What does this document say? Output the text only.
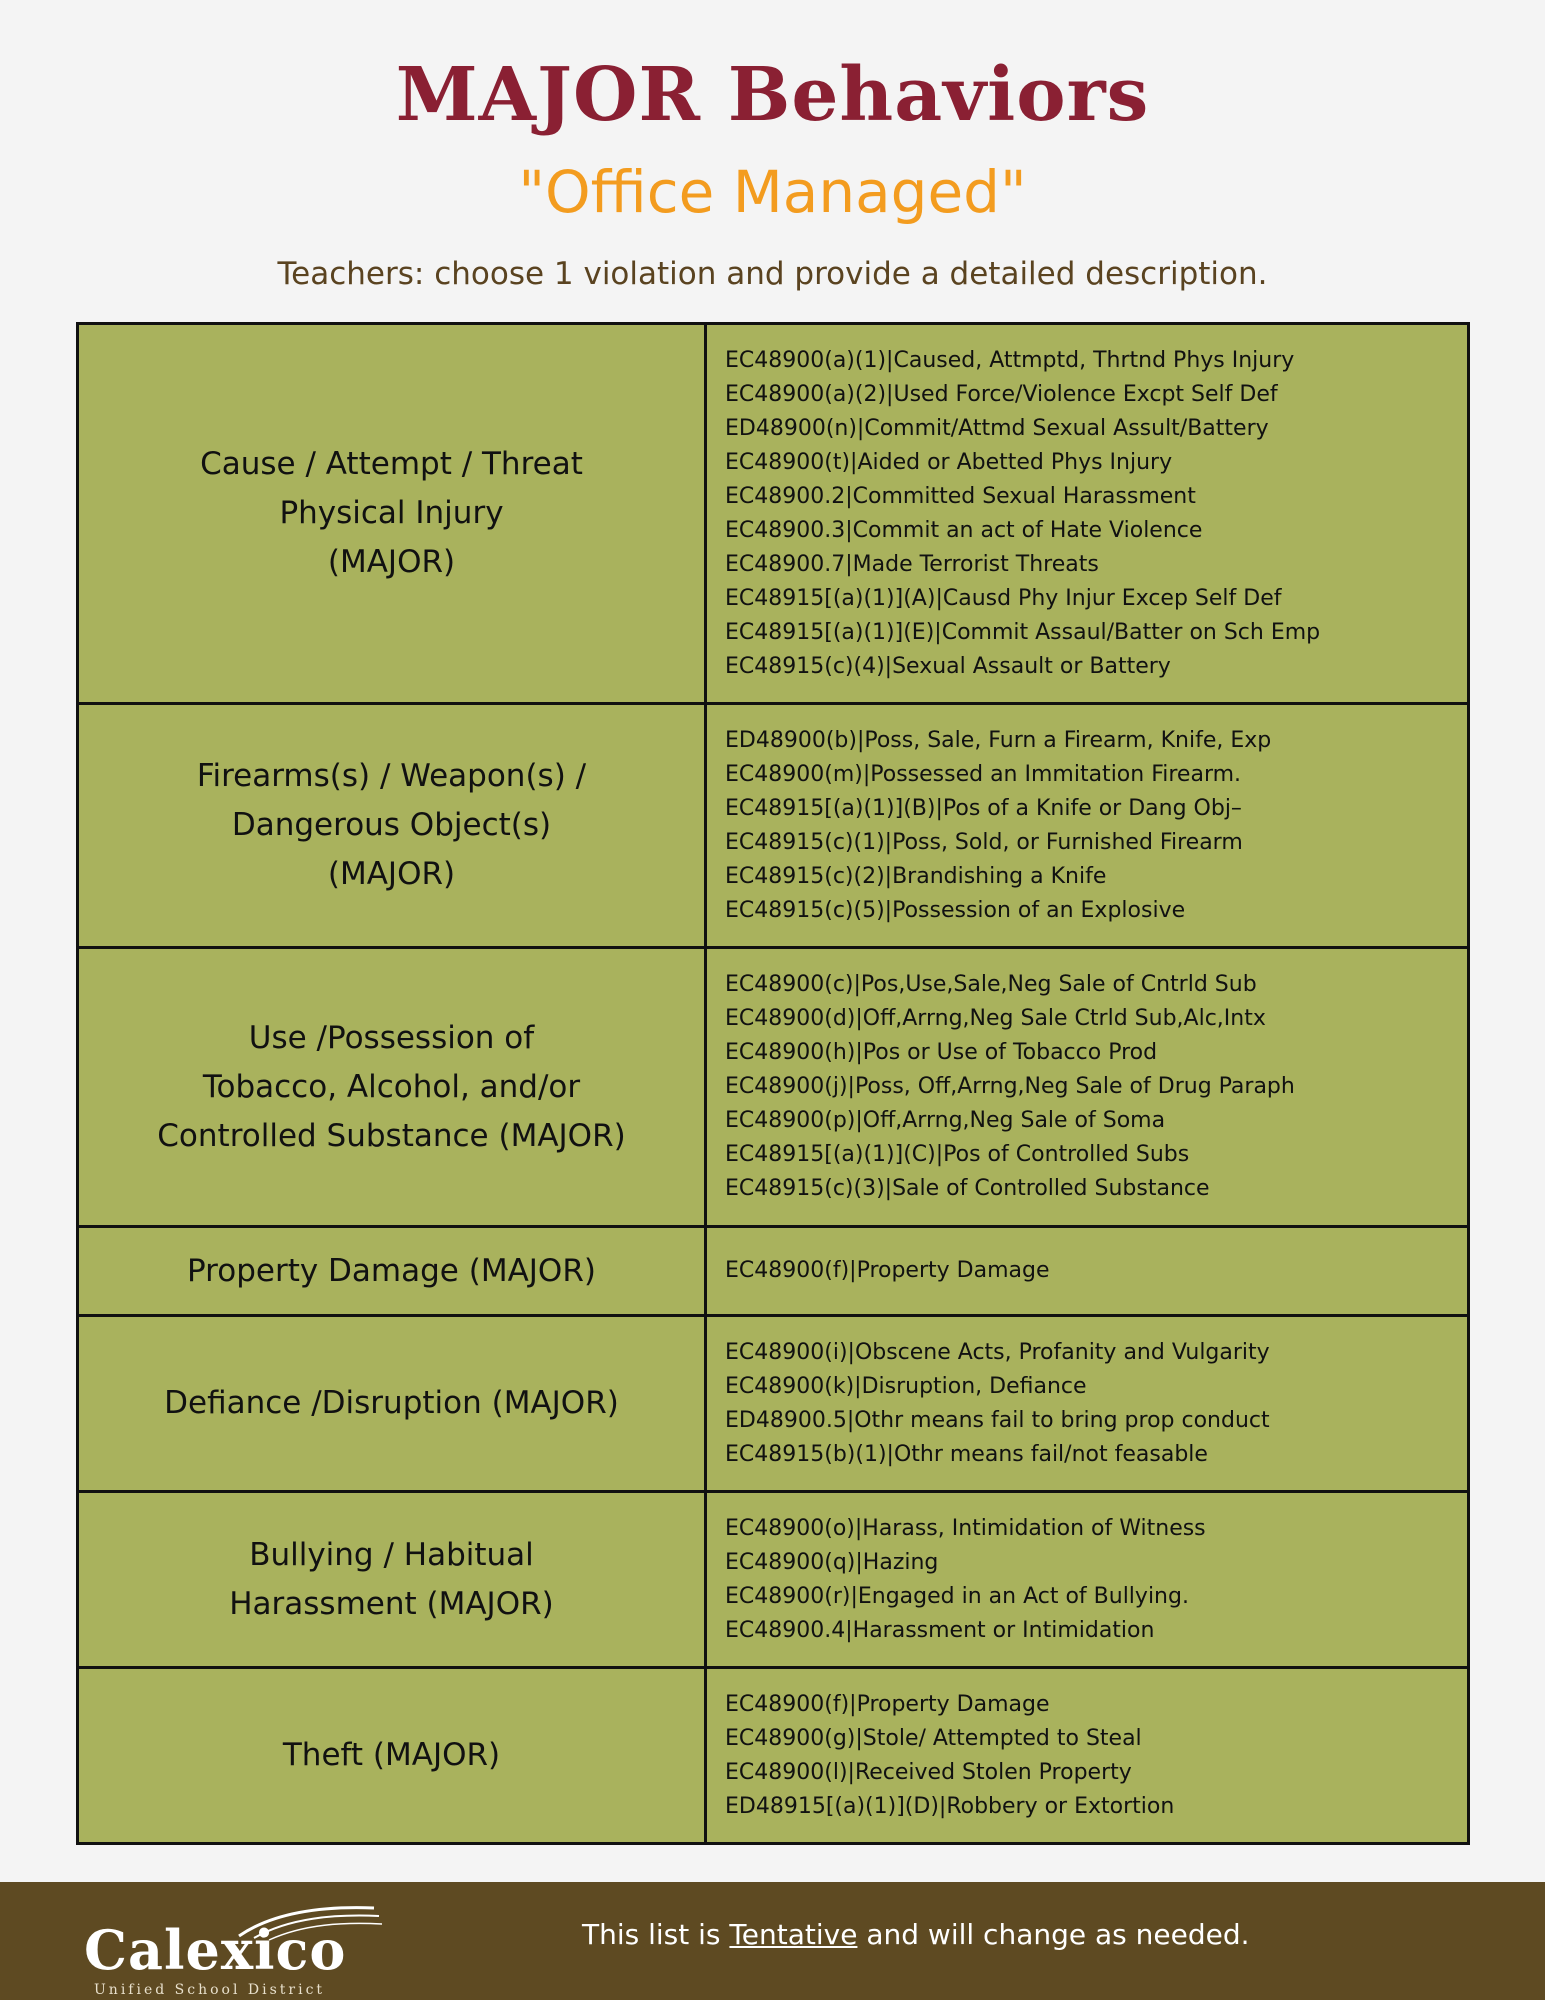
MAJOR Behaviors
"Office Managed"
Teachers: choose 1 violation and provide a detailed description.
Cause / Attempt / Threat
Physical Injury
(MAJOR)
EC48900(a)(1)|Caused, Attmptd, Thrtnd Phys Injury
EC48900(a)(2)|Used Force/Violence Excpt Self Def
ED48900(n)|Commit/Attmd Sexual Assult/Battery
EC48900(t)|Aided or Abetted Phys Injury
EC48900.2|Committed Sexual Harassment
EC48900.3|Commit an act of Hate Violence
EC48900.7|Made Terrorist Threats
EC48915[(a)(1)](A)|Causd Phy Injur Excep Self Def
EC48915[(a)(1)](E)|Commit Assaul/Batter on Sch Emp
EC48915(c)(4)|Sexual Assault or Battery
Firearms(s) / Weapon(s) /
Dangerous Object(s)
(MAJOR)
ED48900(b)|Poss, Sale, Furn a Firearm, Knife, Exp
EC48900(m)|Possessed an Immitation Firearm.
EC48915[(a)(1)](B)|Pos of a Knife or Dang Obj–
EC48915(c)(1)|Poss, Sold, or Furnished Firearm
EC48915(c)(2)|Brandishing a Knife
EC48915(c)(5)|Possession of an Explosive
Use /Possession of
Tobacco, Alcohol, and/or
Controlled Substance (MAJOR)
EC48900(c)|Pos,Use,Sale,Neg Sale of Cntrld Sub
EC48900(d)|Off,Arrng,Neg Sale Ctrld Sub,Alc,Intx
EC48900(h)|Pos or Use of Tobacco Prod
EC48900(j)|Poss, Off,Arrng,Neg Sale of Drug Paraph
EC48900(p)|Off,Arrng,Neg Sale of Soma
EC48915[(a)(1)](C)|Pos of Controlled Subs
EC48915(c)(3)|Sale of Controlled Substance
Property Damage (MAJOR)	EC48900(f)|Property Damage
Defiance /Disruption (MAJOR)
EC48900(i)|Obscene Acts, Profanity and Vulgarity
EC48900(k)|Disruption, Defiance
ED48900.5|Othr means fail to bring prop conduct
EC48915(b)(1)|Othr means fail/not feasable
Bullying / Habitual
Harassment (MAJOR)
EC48900(o)|Harass, Intimidation of Witness
EC48900(q)|Hazing
EC48900(r)|Engaged in an Act of Bullying.
EC48900.4|Harassment or Intimidation
Theft (MAJOR)
EC48900(f)|Property Damage
EC48900(g)|Stole/ Attempted to Steal
EC48900(l)|Received Stolen Property
ED48915[(a)(1)](D)|Robbery or Extortion
Calexico
Unified School District
This list is Tentative and will change as needed.
